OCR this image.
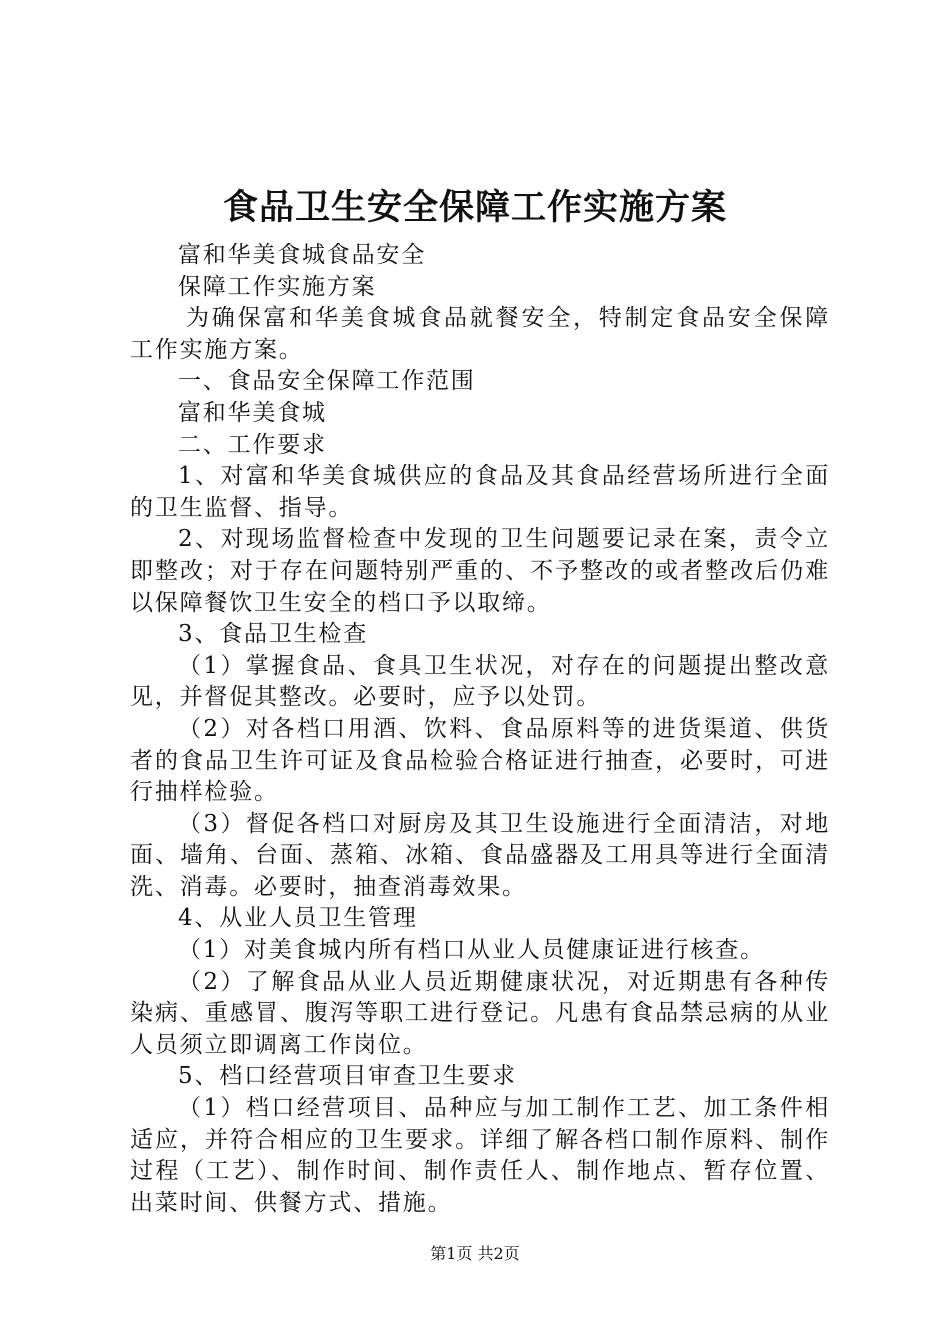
食品卫生安全保障工作实施方案

富和华美食城食品安全

保障工作实施方案

为确保富和华美食城食品就餐安全，特制定食品安全保障工作实施方案。

一、食品安全保障工作范围

富和华美食城

二、工作要求

1、对富和华美食城供应的食品及其食品经营场所进行全面的卫生监督、指导。

2、对现场监督检查中发现的卫生问题要记录在案，责令立即整改；对于存在问题特别严重的、不予整改的或者整改后仍难以保障餐饮卫生安全的档口予以取缔。

3、食品卫生检查

（1）掌握食品、食具卫生状况，对存在的问题提出整改意见，并督促其整改。必要时，应予以处罚。

（2）对各档口用酒、饮料、食品原料等的进货渠道、供货者的食品卫生许可证及食品检验合格证进行抽查，必要时，可进行抽样检验。

（3）督促各档口对厨房及其卫生设施进行全面清洁，对地面、墙角、台面、蒸箱、冰箱、食品盛器及工用具等进行全面清洗、消毒。必要时，抽查消毒效果。

4、从业人员卫生管理

（1）对美食城内所有档口从业人员健康证进行核查。

（2）了解食品从业人员近期健康状况，对近期患有各种传染病、重感冒、腹泻等职工进行登记。凡患有食品禁忌病的从业人员须立即调离工作岗位。

5、档口经营项目审查卫生要求

（1）档口经营项目、品种应与加工制作工艺、加工条件相适应，并符合相应的卫生要求。详细了解各档口制作原料、制作过程（工艺）、制作时间、制作责任人、制作地点、暂存位置、出菜时间、供餐方式、措施。

第1页 共2页
